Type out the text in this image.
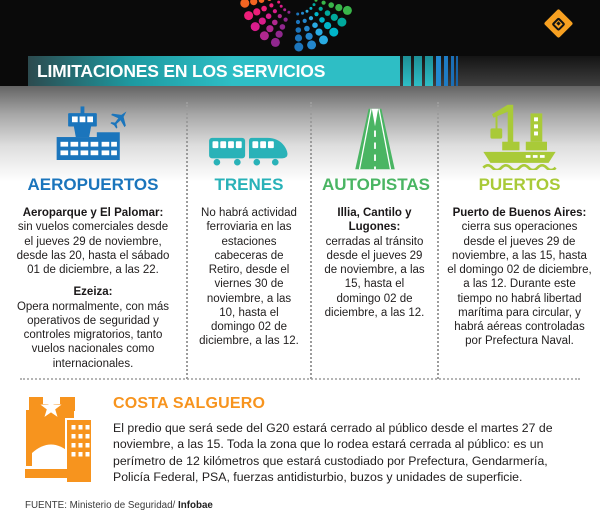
LIMITACIONES EN LOS SERVICIOS
AEROPUERTOS

Aeroparque y El Palomar:
sin vuelos comerciales desde el jueves 29 de noviembre, desde las 20, hasta el sábado 01 de diciembre, a las 22.

Ezeiza:
Opera normalmente, con más operativos de seguridad y controles migratorios, tanto vuelos nacionales como internacionales.

TRENES

No habrá actividad ferroviaria en las estaciones cabeceras de Retiro, desde el viernes 30 de noviembre, a las 10, hasta el domingo 02 de diciembre, a las 12.

AUTOPISTAS

Illia, Cantilo y Lugones:
cerradas al tránsito desde el jueves 29 de noviembre, a las 15, hasta el domingo 02 de diciembre, a las 12.

PUERTOS

Puerto de Buenos Aires:
cierra sus operaciones desde el jueves 29 de noviembre, a las 15, hasta el domingo 02 de diciembre, a las 12. Durante este tiempo no habrá libertad marítima para circular, y habrá aéreas controladas por Prefectura Naval.

COSTA SALGUERO

El predio que será sede del G20 estará cerrado al público desde el martes 27 de noviembre, a las 15. Toda la zona que lo rodea estará cerrada al público: es un perímetro de 12 kilómetros que estará custodiado por Prefectura, Gendarmería, Policía Federal, PSA, fuerzas antidisturbio, buzos y unidades de superficie.

FUENTE: Ministerio de Seguridad/ Infobae
